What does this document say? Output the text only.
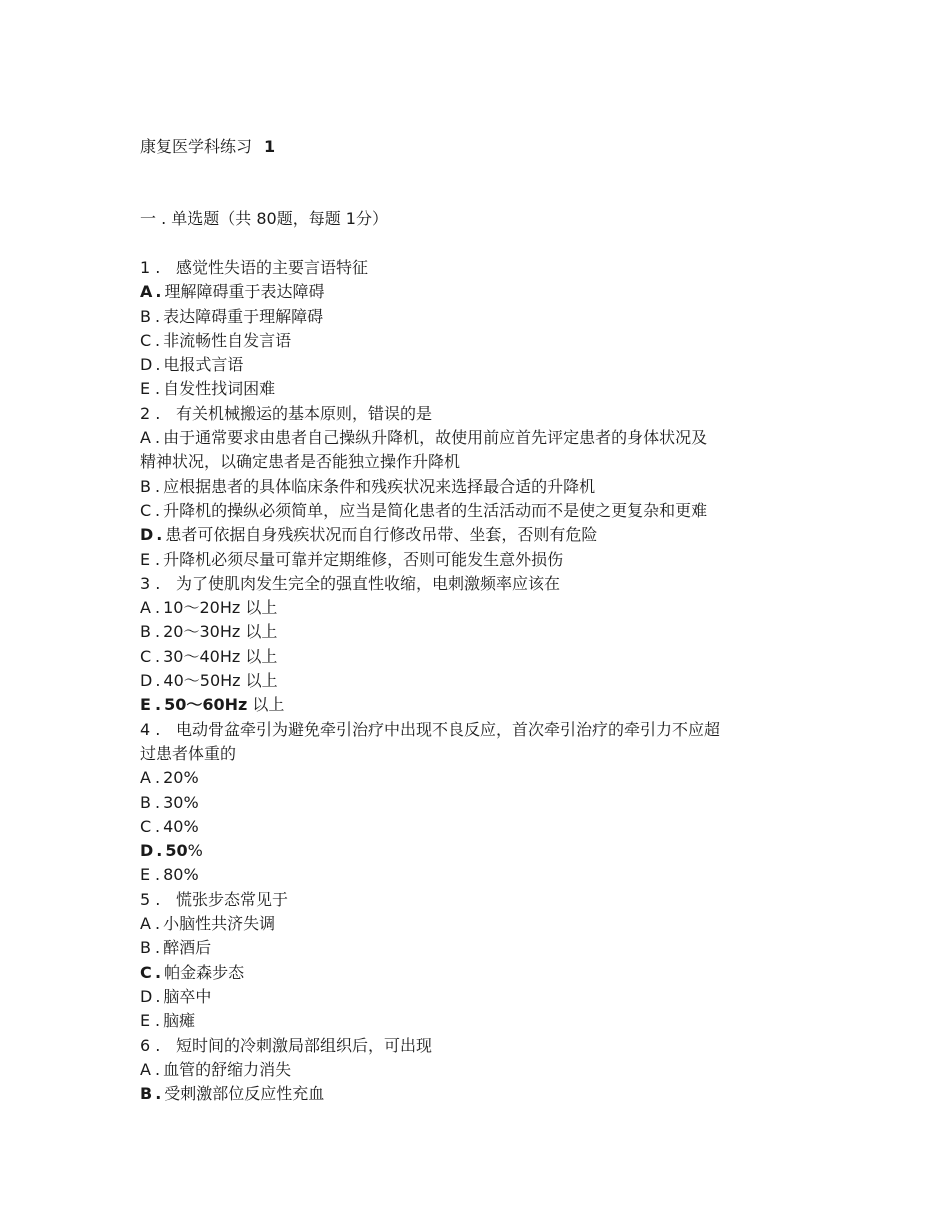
康复医学科练习 1
一 . 单选题（共 80题，每题 1分）
1 . 感觉性失语的主要言语特征
A . 理解障碍重于表达障碍
B . 表达障碍重于理解障碍
C . 非流畅性自发言语
D . 电报式言语
E . 自发性找词困难
2 . 有关机械搬运的基本原则，错误的是
A . 由于通常要求由患者自己操纵升降机，故使用前应首先评定患者的身体状况及
精神状况，以确定患者是否能独立操作升降机
B . 应根据患者的具体临床条件和残疾状况来选择最合适的升降机
C . 升降机的操纵必须简单，应当是简化患者的生活活动而不是使之更复杂和更难
D . 患者可依据自身残疾状况而自行修改吊带、坐套，否则有危险
E . 升降机必须尽量可靠并定期维修，否则可能发生意外损伤
3 . 为了使肌肉发生完全的强直性收缩，电刺激频率应该在
A . 10～20Hz 以上
B . 20～30Hz 以上
C . 30～40Hz 以上
D . 40～50Hz 以上
E . 50～60Hz 以上
4 . 电动骨盆牵引为避免牵引治疗中出现不良反应，首次牵引治疗的牵引力不应超
过患者体重的
A . 20%
B . 30%
C . 40%
D . 50%
E . 80%
5 . 慌张步态常见于
A . 小脑性共济失调
B . 醉酒后
C . 帕金森步态
D . 脑卒中
E . 脑瘫
6 . 短时间的冷刺激局部组织后，可出现
A . 血管的舒缩力消失
B . 受刺激部位反应性充血
